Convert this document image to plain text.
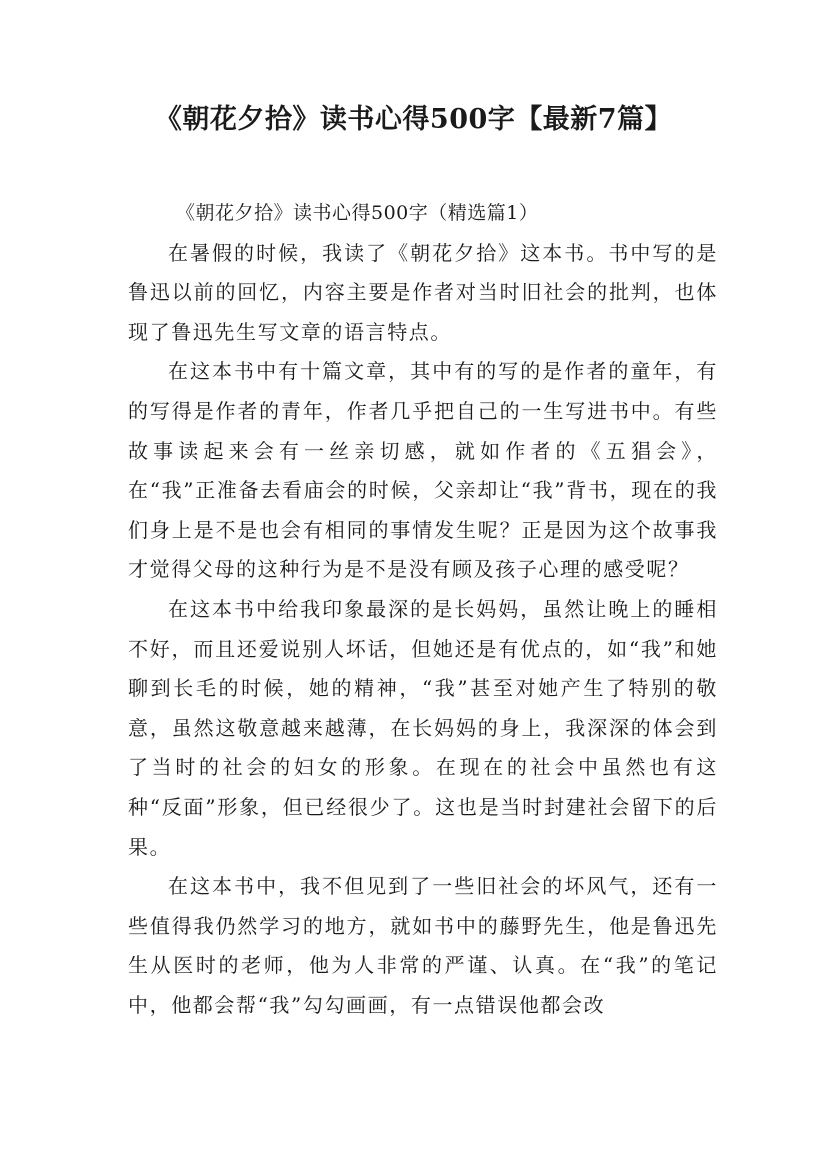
《朝花夕拾》读书心得500字【最新7篇】

《朝花夕拾》读书心得500字（精选篇1）

在暑假的时候，我读了《朝花夕拾》这本书。书中写的是鲁迅以前的回忆，内容主要是作者对当时旧社会的批判，也体现了鲁迅先生写文章的语言特点。

在这本书中有十篇文章，其中有的写的是作者的童年，有的写得是作者的青年，作者几乎把自己的一生写进书中。有些故事读起来会有一丝亲切感，就如作者的《五猖会》，在“我”正准备去看庙会的时候，父亲却让“我”背书，现在的我们身上是不是也会有相同的事情发生呢？正是因为这个故事我才觉得父母的这种行为是不是没有顾及孩子心理的感受呢？

在这本书中给我印象最深的是长妈妈，虽然让晚上的睡相不好，而且还爱说别人坏话，但她还是有优点的，如“我”和她聊到长毛的时候，她的精神，“我”甚至对她产生了特别的敬意，虽然这敬意越来越薄，在长妈妈的身上，我深深的体会到了当时的社会的妇女的形象。在现在的社会中虽然也有这种“反面”形象，但已经很少了。这也是当时封建社会留下的后果。

在这本书中，我不但见到了一些旧社会的坏风气，还有一些值得我仍然学习的地方，就如书中的藤野先生，他是鲁迅先生从医时的老师，他为人非常的严谨、认真。在“我”的笔记中，他都会帮“我”勾勾画画，有一点错误他都会改
